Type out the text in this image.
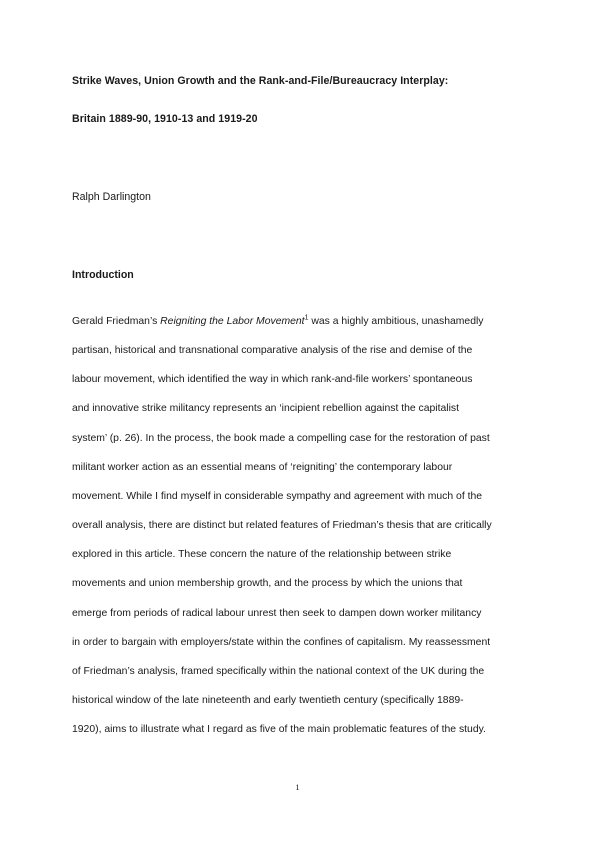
Strike Waves, Union Growth and the Rank-and-File/Bureaucracy Interplay:
Britain 1889-90, 1910-13 and 1919-20
Ralph Darlington
Introduction

Gerald Friedman’s Reigniting the Labor Movement$^1$ was a highly ambitious, unashamedly
partisan, historical and transnational comparative analysis of the rise and demise of the
labour movement, which identified the way in which rank-and-file workers’ spontaneous
and innovative strike militancy represents an ‘incipient rebellion against the capitalist
system’ (p. 26). In the process, the book made a compelling case for the restoration of past
militant worker action as an essential means of ‘reigniting’ the contemporary labour
movement. While I find myself in considerable sympathy and agreement with much of the
overall analysis, there are distinct but related features of Friedman’s thesis that are critically
explored in this article. These concern the nature of the relationship between strike
movements and union membership growth, and the process by which the unions that
emerge from periods of radical labour unrest then seek to dampen down worker militancy
in order to bargain with employers/state within the confines of capitalism. My reassessment
of Friedman’s analysis, framed specifically within the national context of the UK during the
historical window of the late nineteenth and early twentieth century (specifically 1889-
1920), aims to illustrate what I regard as five of the main problematic features of the study.

1
